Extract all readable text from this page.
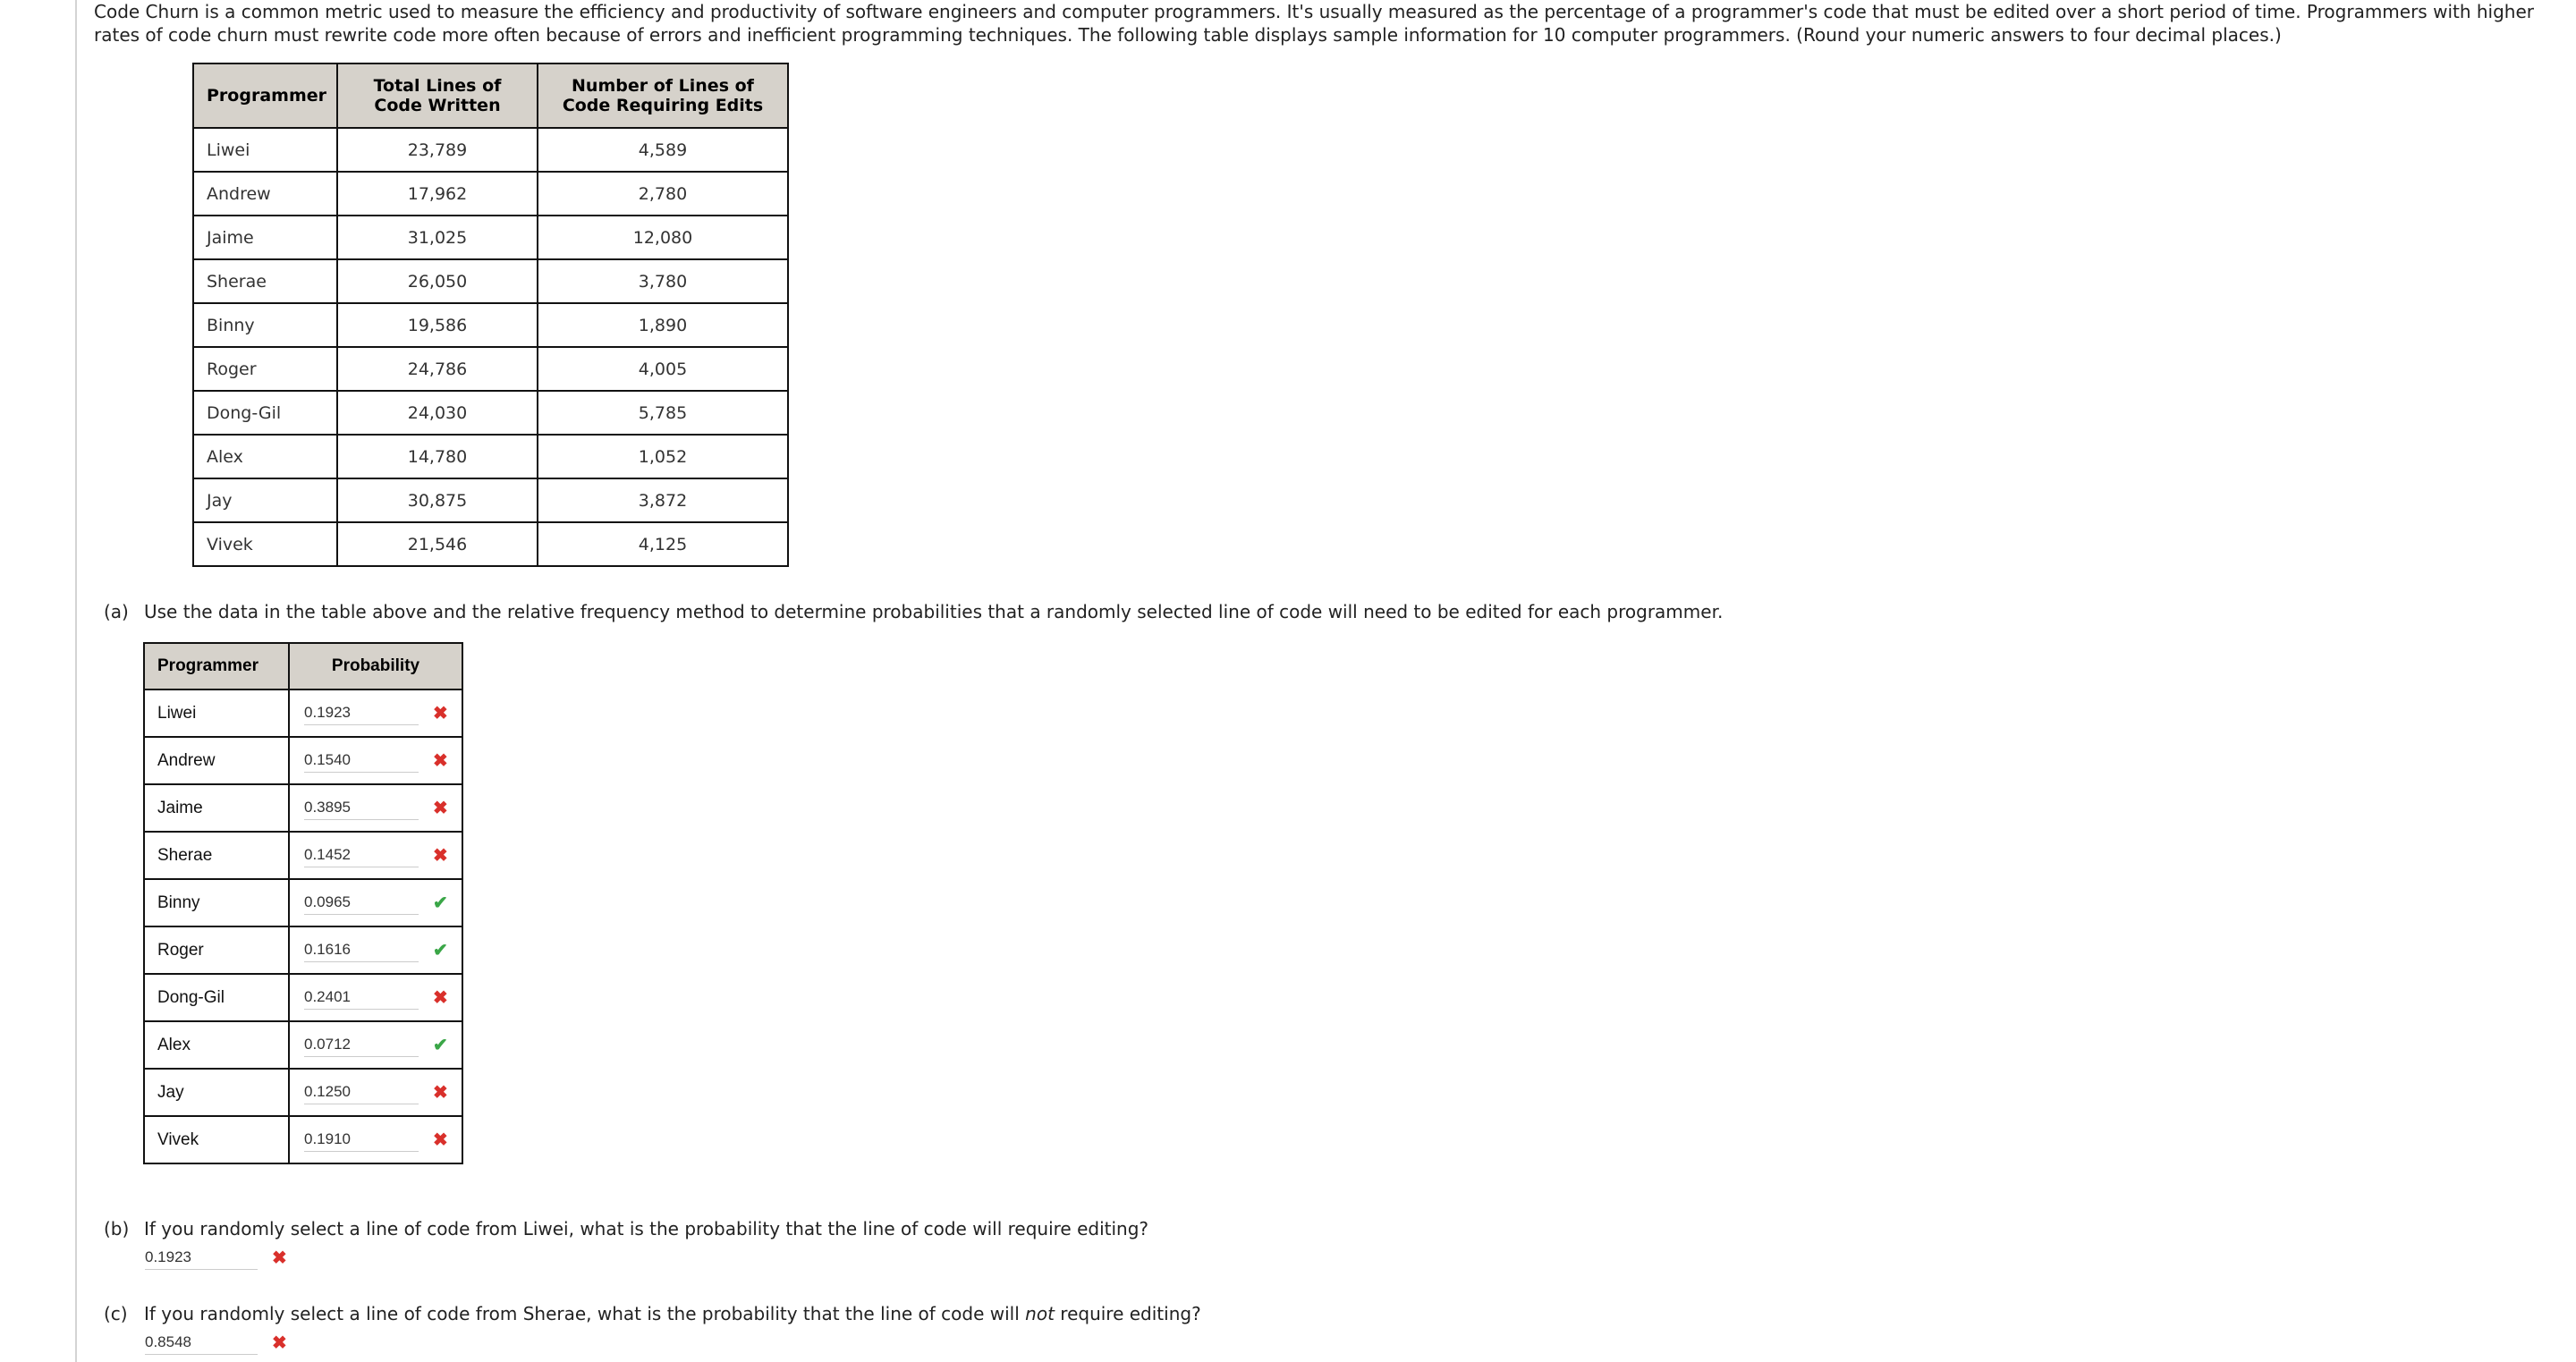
Code Churn is a common metric used to measure the efficiency and productivity of software engineers and computer programmers. It's usually measured as the percentage of a programmer's code that must be edited over a short period of time. Programmers with higher rates of code churn must rewrite code more often because of errors and inefficient programming techniques. The following table displays sample information for 10 computer programmers. (Round your numeric answers to four decimal places.)
Programmer	Total Lines of Code Written	Number of Lines of Code Requiring Edits
Liwei	23,789	4,589
Andrew	17,962	2,780
Jaime	31,025	12,080
Sherae	26,050	3,780
Binny	19,586	1,890
Roger	24,786	4,005
Dong-Gil	24,030	5,785
Alex	14,780	1,052
Jay	30,875	3,872
Vivek	21,546	4,125
(a) Use the data in the table above and the relative frequency method to determine probabilities that a randomly selected line of code will need to be edited for each programmer.
Programmer	Probability
Liwei	0.1923 ✖

Andrew	0.1540 ✖

Jaime	0.3895 ✖

Sherae	0.1452 ✖

Binny	0.0965 ✔

Roger	0.1616 ✔

Dong-Gil	0.2401 ✖

Alex	0.0712 ✔

Jay	0.1250 ✖

Vivek	0.1910 ✖
(b) If you randomly select a line of code from Liwei, what is the probability that the line of code will require editing?
0.1923	✖
(c) If you randomly select a line of code from Sherae, what is the probability that the line of code will not require editing?
0.8548	✖
